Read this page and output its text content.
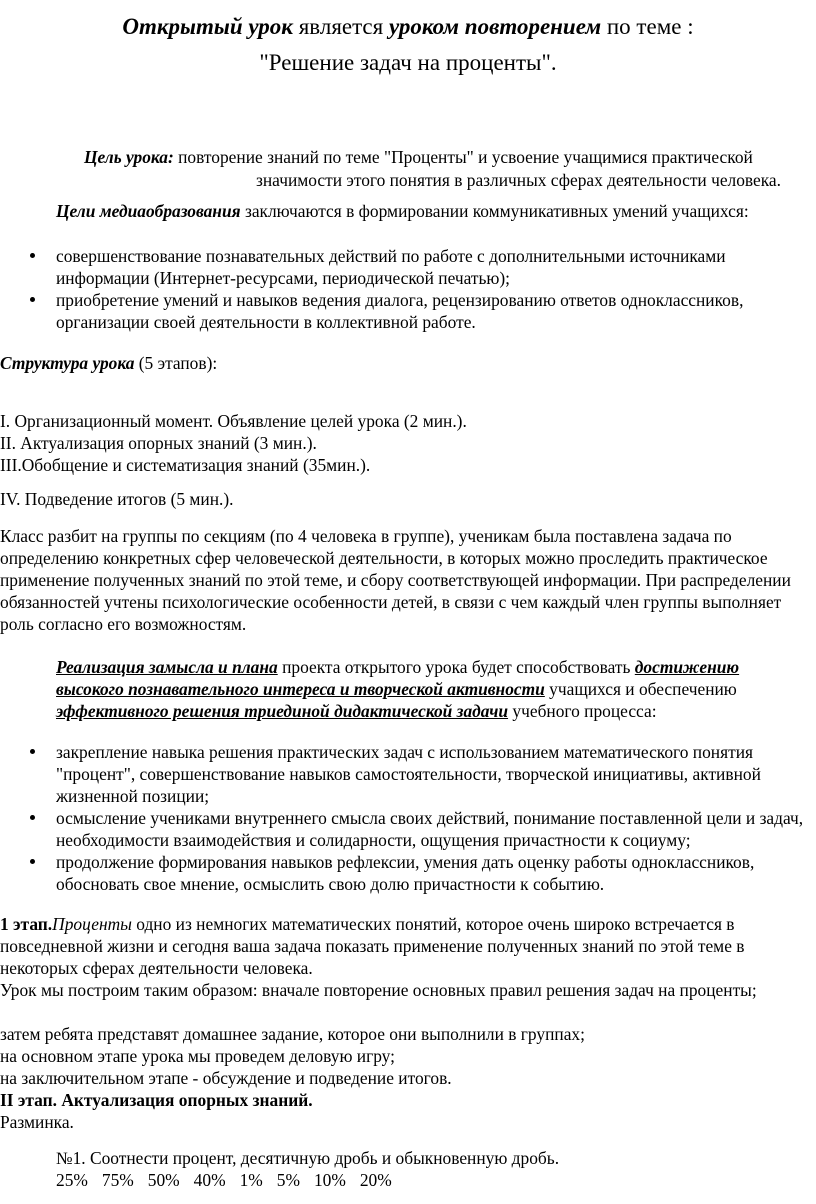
Открытый урок является уроком повторением по теме :
"Решение задач на проценты".
Цель урока: повторение знаний по теме "Проценты" и усвоение учащимися практической
значимости этого понятия в различных сферах деятельности человека.
Цели медиаобразования заключаются в формировании коммуникативных умений учащихся:
совершенствование познавательных действий по работе с дополнительными источниками информации (Интернет-ресурсами, периодической печатью);
приобретение умений и навыков ведения диалога, рецензированию ответов одноклассников, организации своей деятельности в коллективной работе.
Структура урока (5 этапов):
I. Организационный момент. Объявление целей урока (2 мин.).
II. Актуализация опорных знаний (3 мин.).
III.Обобщение и систематизация знаний (35мин.).
IV. Подведение итогов (5 мин.).
Класс разбит на группы по секциям (по 4 человека в группе), ученикам была поставлена задача по определению конкретных сфер человеческой деятельности, в которых можно проследить практическое применение полученных знаний по этой теме, и сбору соответствующей информации. При распределении обязанностей учтены психологические особенности детей, в связи с чем каждый член группы выполняет роль согласно его возможностям.
Реализация замысла и плана проекта открытого урока будет способствовать достижению высокого познавательного интереса и творческой активности учащихся и обеспечению эффективного решения триединой дидактической задачи учебного процесса:
закрепление навыка решения практических задач с использованием математического понятия "процент", совершенствование навыков самостоятельности, творческой инициативы, активной жизненной позиции;
осмысление учениками внутреннего смысла своих действий, понимание поставленной цели и задач, необходимости взаимодействия и солидарности, ощущения причастности к социуму;
продолжение формирования навыков рефлексии, умения дать оценку работы одноклассников, обосновать свое мнение, осмыслить свою долю причастности к событию.
1 этап.Проценты одно из немногих математических понятий, которое очень широко встречается в повседневной жизни и сегодня ваша задача показать применение полученных знаний по этой теме в некоторых сферах деятельности человека.
Урок мы построим таким образом: вначале повторение основных правил решения задач на проценты;
затем ребята представят домашнее задание, которое они выполнили в группах;
на основном этапе урока мы проведем деловую игру;
на заключительном этапе - обсуждение и подведение итогов.
II этап. Актуализация опорных знаний.
Разминка.
№1. Соотнести процент, десятичную дробь и обыкновенную дробь.
25% 75% 50% 40% 1% 5% 10% 20%
